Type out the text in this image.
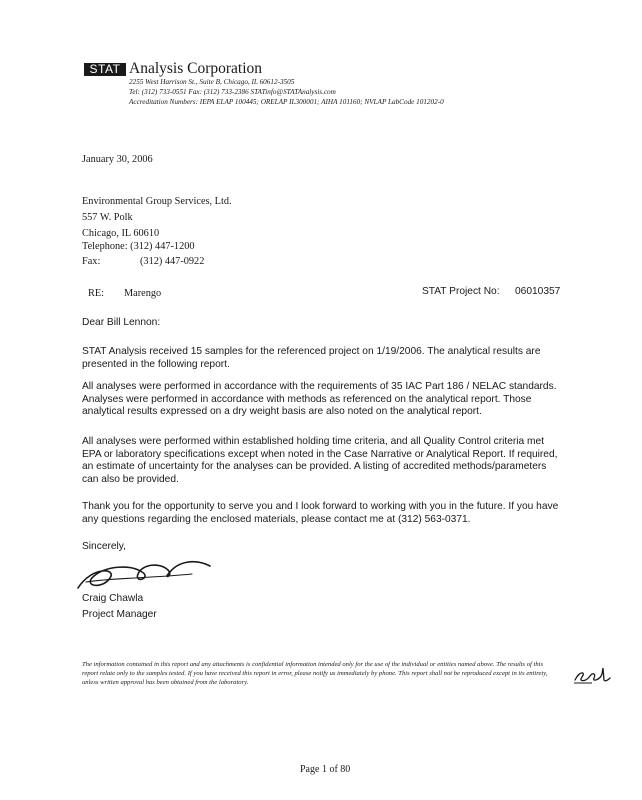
STAT Analysis Corporation
2255 West Harrison St., Suite B, Chicago, IL 60612-3505
Tel: (312) 733-0551 Fax: (312) 733-2386 STATinfo@STATAnalysis.com
Accreditation Numbers: IEPA ELAP 100445; ORELAP IL300001; AIHA 101160; NVLAP LabCode 101202-0
January 30, 2006
Environmental Group Services, Ltd.
557 W. Polk
Chicago, IL 60610
Telephone: (312) 447-1200
Fax:	(312) 447-0922
RE: Marengo	STAT Project No: 06010357
Dear Bill Lennon:
STAT Analysis received 15 samples for the referenced project on 1/19/2006. The analytical results are presented in the following report.
All analyses were performed in accordance with the requirements of 35 IAC Part 186 / NELAC standards. Analyses were performed in accordance with methods as referenced on the analytical report. Those analytical results expressed on a dry weight basis are also noted on the analytical report.
All analyses were performed within established holding time criteria, and all Quality Control criteria met EPA or laboratory specifications except when noted in the Case Narrative or Analytical Report. If required, an estimate of uncertainty for the analyses can be provided. A listing of accredited methods/parameters can also be provided.
Thank you for the opportunity to serve you and I look forward to working with you in the future. If you have any questions regarding the enclosed materials, please contact me at (312) 563-0371.
Sincerely,
Craig Chawla
Project Manager
The information contained in this report and any attachments is confidential information intended only for the use of the individual or entities named above. The results of this report relate only to the samples tested. If you have received this report in error, please notify us immediately by phone. This report shall not be reproduced except in its entirety, unless written approval has been obtained from the laboratory.
Page 1 of 80
